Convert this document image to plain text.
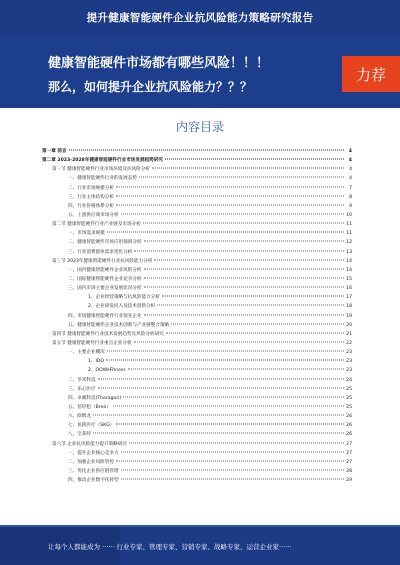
提升健康智能硬件企业抗风险能力策略研究报告
健康智能硬件市场都有哪些风险！！！
那么，如何提升企业抗风险能力？？？
力荐
内容目录
第一章 前言	4
第二章 2023-2028年健康智能硬件行业市场发展趋势研究	4
第一节 健康智能硬件行业市场环境及抗风险分析	4
一、健康智能硬件行业的发展态势	4
二、行业市场规模分析	7
三、行业主体结构分析	8
四、行业价格体系分析	9
五、上游供应商市场分析	10
第二节 健康智能硬件行业产业链及市场分析	11
一、市场需求规模	11
二、健康智能硬件市场应用领域分析	12
三、行业消费群体需求变化分析	13
第三节 2023年健康智能硬件行业抗风险能力分析	14
一、国内健康智能硬件企业风险分析	14
二、国际健康智能硬件企业竞争分析	15
三、国内市场主要企业发展状况分析	16
1、企业经营策略与抗风险能力分析	17
2、企业研发投入及技术创新分析	18
四、市场健康智能硬件行业领先企业	19
五、健康智能硬件企业技术创新与产业链整合策略	20
第四节 健康智能硬件行业技术发展趋势及风险分析研究	21
第五节 健康智能硬件行业重点企业分析	22
一、主要企业概况	23
1、IDO	23
2、OOWeFitness	23
二、华米科技	24
三、乐心医疗	25
四、卓翼科技(Theragun)	25
五、倍轻松（Breo）	25
六、欧姆龙	26
七、鱼跃医疗（SKG）	26
八、宝莱特	26
第六节 企业抗风险能力提升策略研究	27
一、提升企业核心竞争力	27
二、加强企业风险管控	27
三、优化企业供应链管理	28
四、推动企业数字化转型	29
让每个人都能成为 ······ 行业专家、管理专家、营销专家、战略专家、运营企业家······
